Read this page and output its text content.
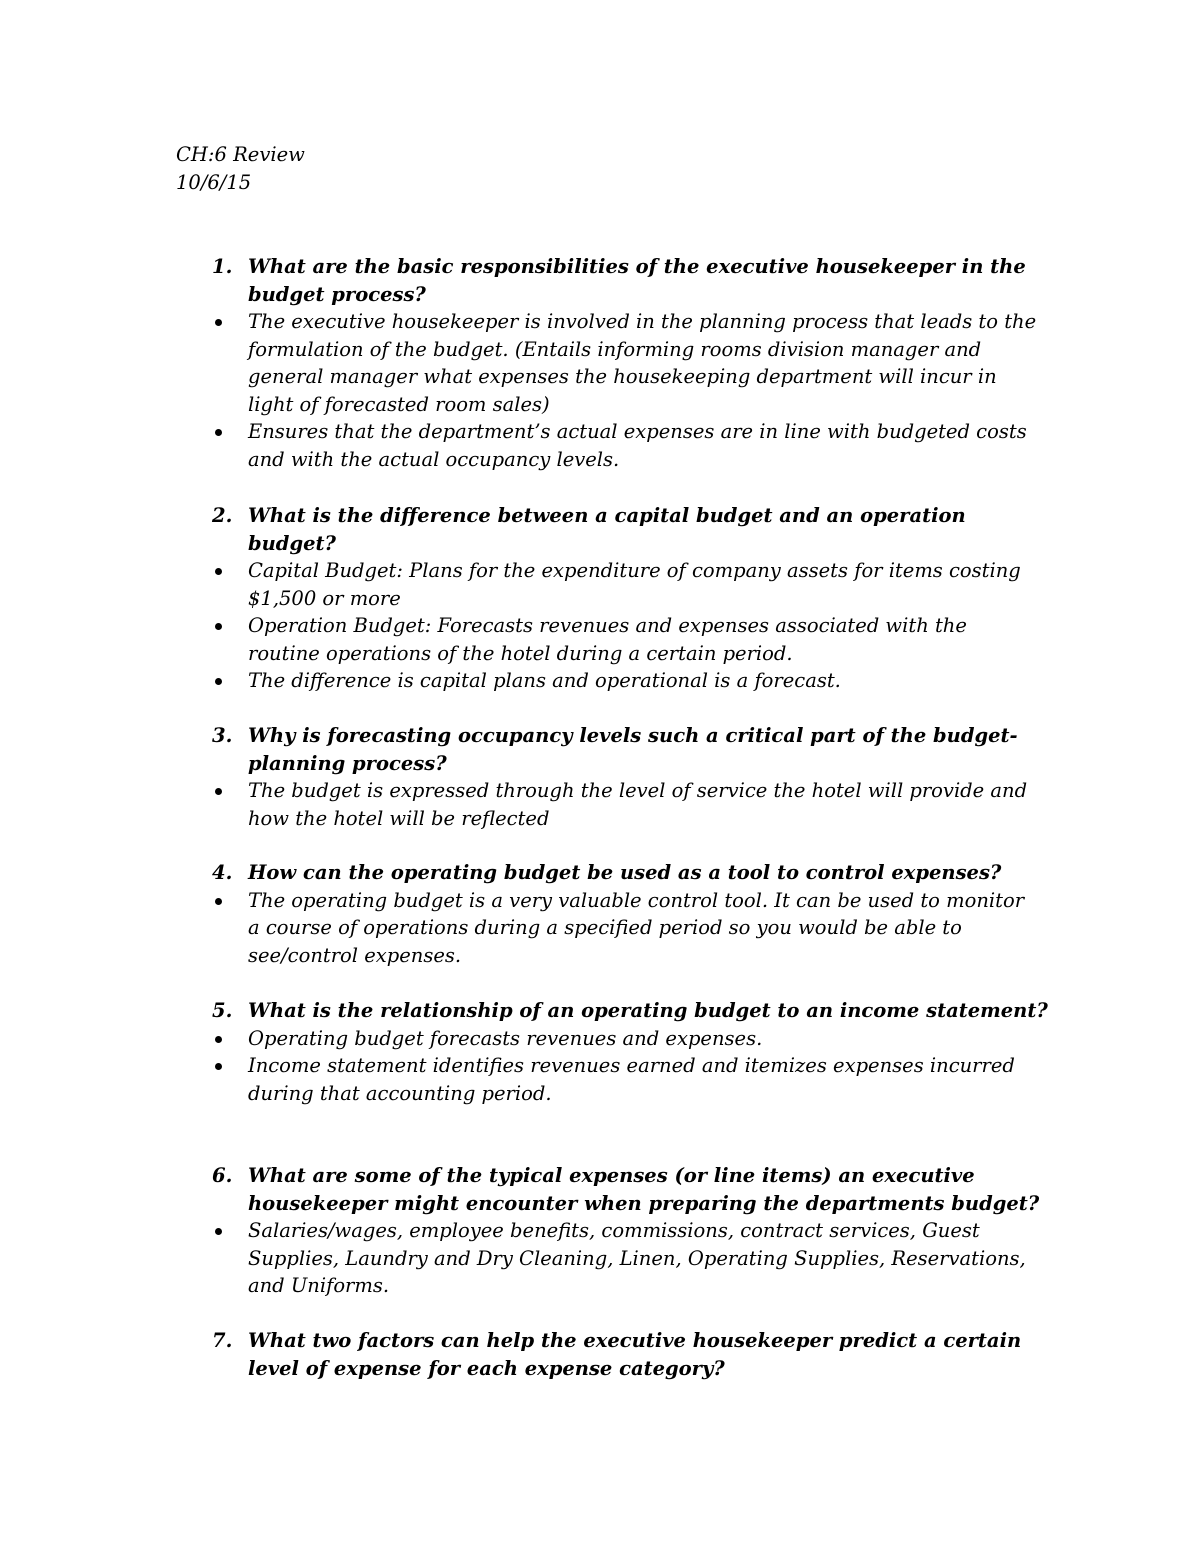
CH:6 Review
10/6/15
1. What are the basic responsibilities of the executive housekeeper in the budget process?
The executive housekeeper is involved in the planning process that leads to the formulation of the budget. (Entails informing rooms division manager and general manager what expenses the housekeeping department will incur in light of forecasted room sales)
Ensures that the department’s actual expenses are in line with budgeted costs and with the actual occupancy levels.
2. What is the difference between a capital budget and an operation budget?
Capital Budget: Plans for the expenditure of company assets for items costing $1,500 or more
Operation Budget: Forecasts revenues and expenses associated with the routine operations of the hotel during a certain period.
The difference is capital plans and operational is a forecast.
3. Why is forecasting occupancy levels such a critical part of the budget-planning process?
The budget is expressed through the level of service the hotel will provide and how the hotel will be reflected
4. How can the operating budget be used as a tool to control expenses?
The operating budget is a very valuable control tool. It can be used to monitor a course of operations during a specified period so you would be able to see/control expenses.
5. What is the relationship of an operating budget to an income statement?
Operating budget forecasts revenues and expenses.
Income statement identifies revenues earned and itemizes expenses incurred during that accounting period.
6. What are some of the typical expenses (or line items) an executive housekeeper might encounter when preparing the departments budget?
Salaries/wages, employee benefits, commissions, contract services, Guest Supplies, Laundry and Dry Cleaning, Linen, Operating Supplies, Reservations, and Uniforms.
7. What two factors can help the executive housekeeper predict a certain level of expense for each expense category?
